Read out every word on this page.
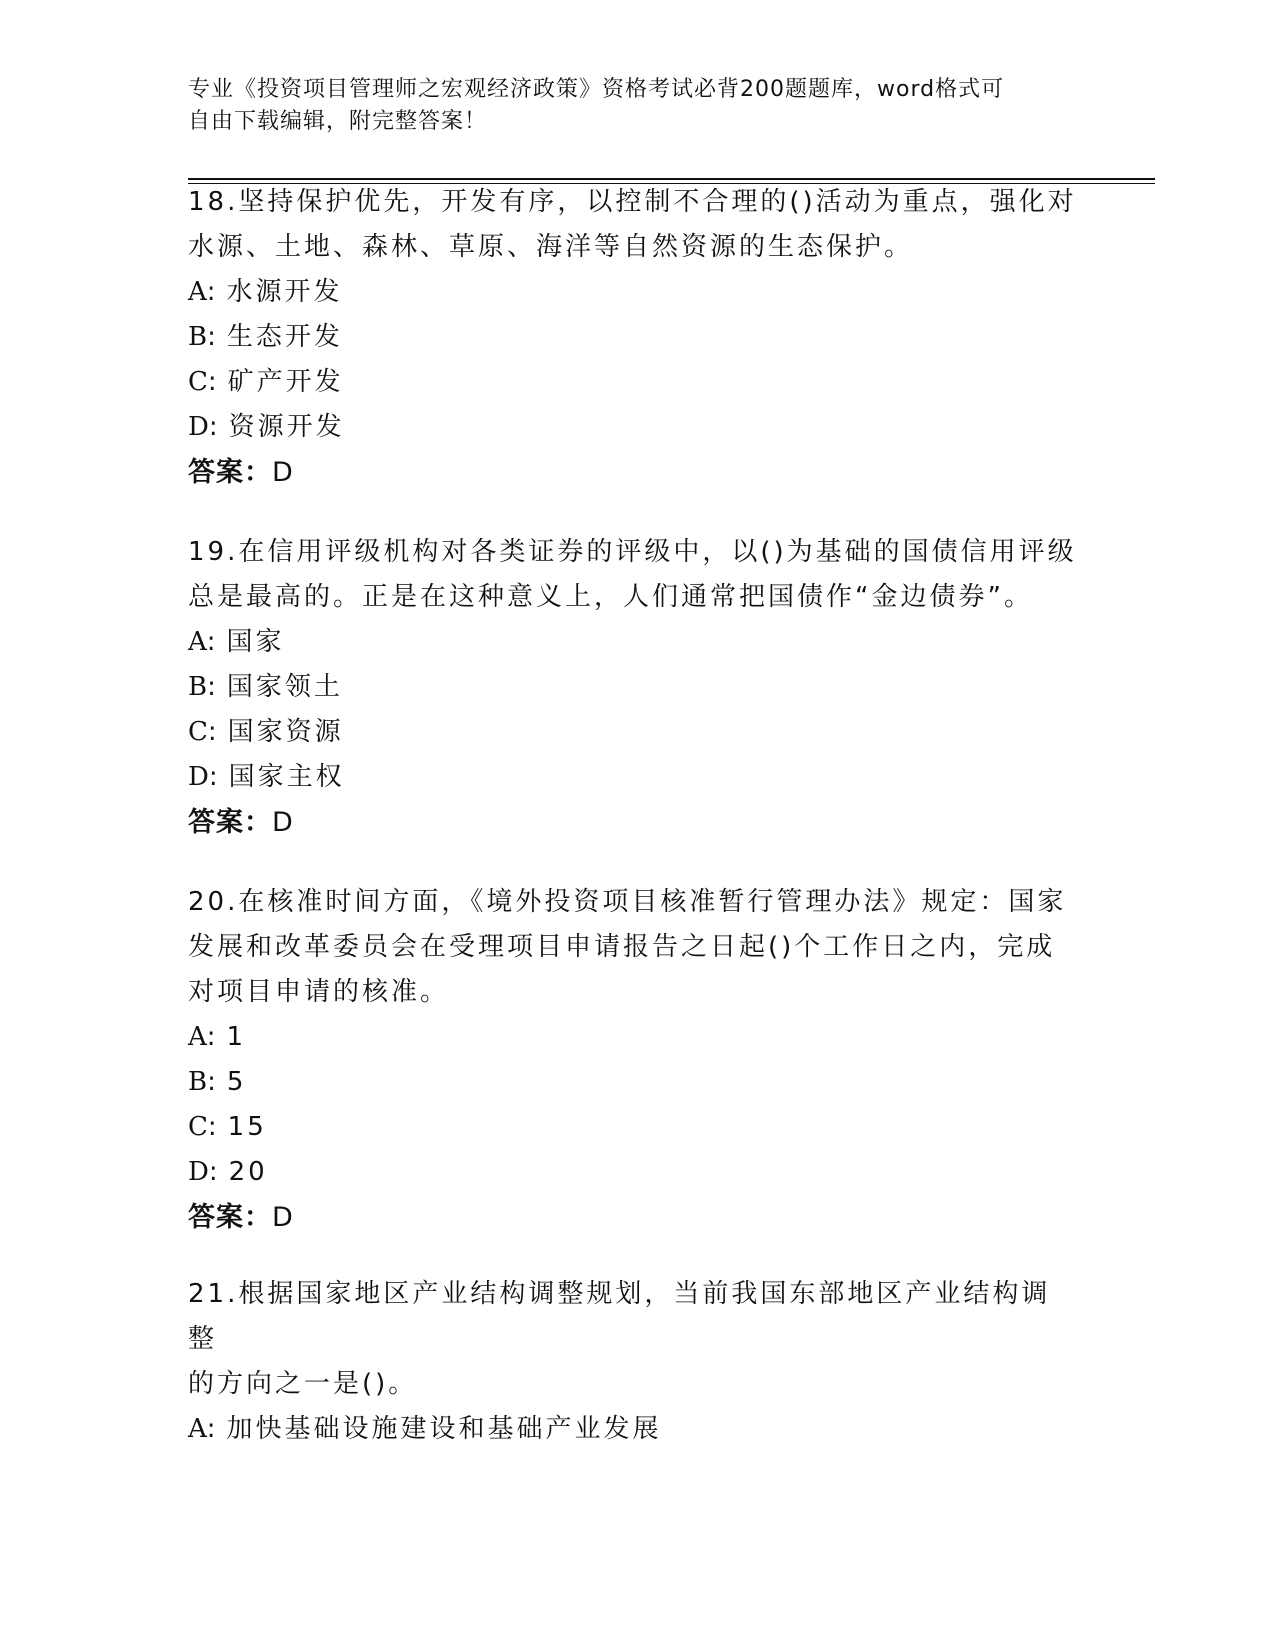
专业《投资项目管理师之宏观经济政策》资格考试必背200题题库，word格式可
自由下载编辑，附完整答案！

18.坚持保护优先，开发有序，以控制不合理的()活动为重点，强化对

水源、土地、森林、草原、海洋等自然资源的生态保护。

A: 水源开发

B: 生态开发

C: 矿产开发

D: 资源开发

答案：D

19.在信用评级机构对各类证券的评级中，以()为基础的国债信用评级

总是最高的。正是在这种意义上，人们通常把国债作“金边债券”。

A: 国家

B: 国家领土

C: 国家资源

D: 国家主权

答案：D

20.在核准时间方面，《境外投资项目核准暂行管理办法》规定：国家

发展和改革委员会在受理项目申请报告之日起()个工作日之内，完成

对项目申请的核准。

A: 1

B: 5

C: 15

D: 20

答案：D

21.根据国家地区产业结构调整规划，当前我国东部地区产业结构调整

的方向之一是()。

A: 加快基础设施建设和基础产业发展
